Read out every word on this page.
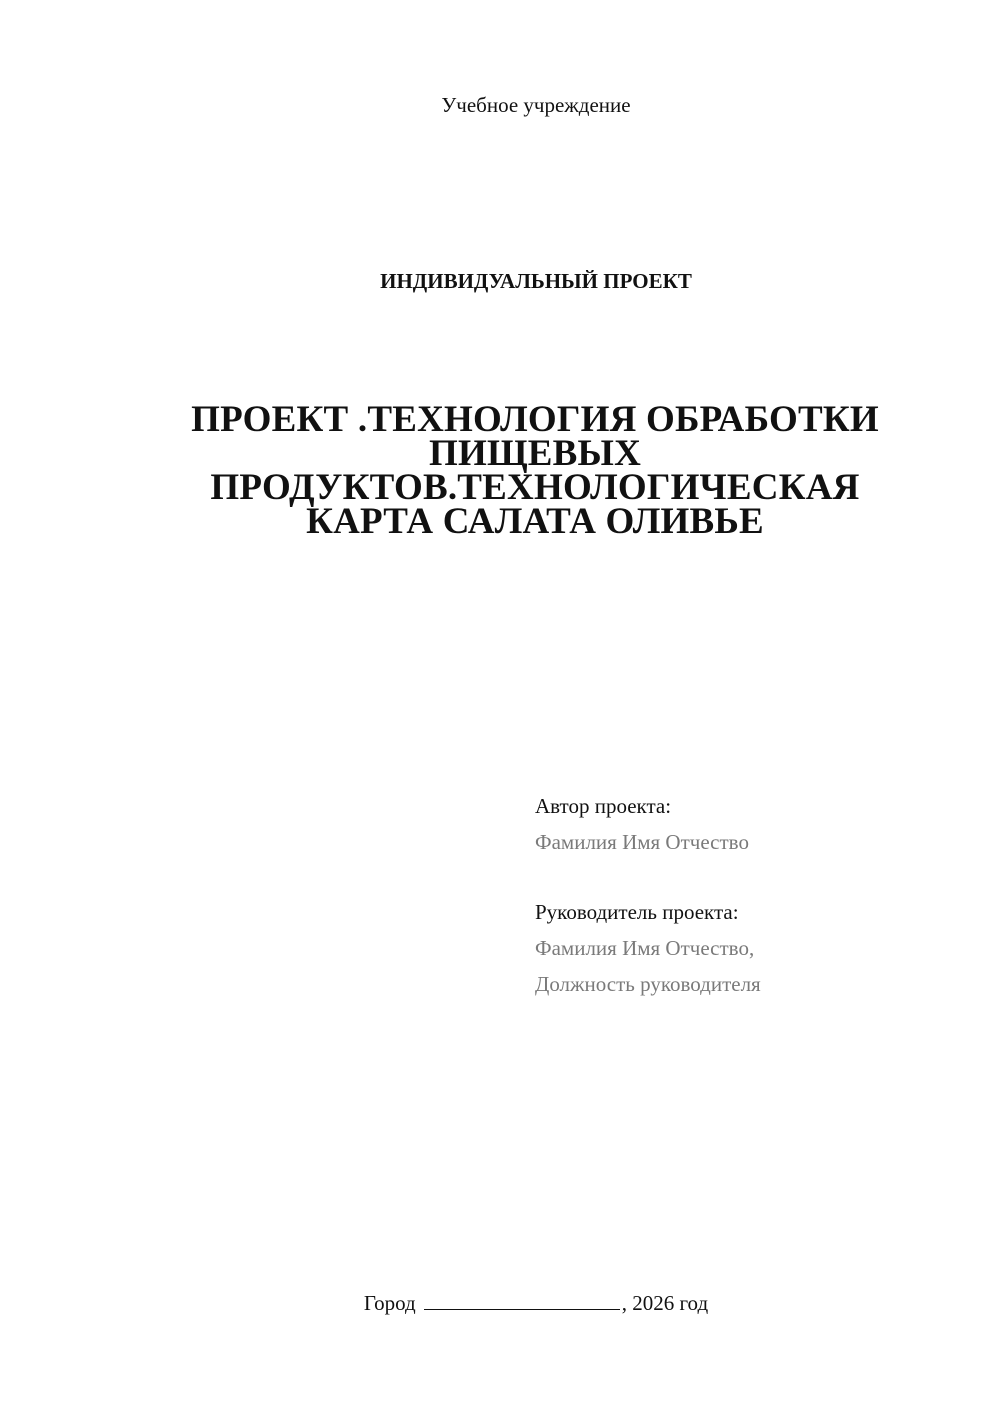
Учебное учреждение
ИНДИВИДУАЛЬНЫЙ ПРОЕКТ
ПРОЕКТ .ТЕХНОЛОГИЯ ОБРАБОТКИ
ПИЩЕВЫХ
ПРОДУКТОВ.ТЕХНОЛОГИЧЕСКАЯ
КАРТА САЛАТА ОЛИВЬЕ
Автор проекта:
Фамилия Имя Отчество
Руководитель проекта:
Фамилия Имя Отчество,
Должность руководителя
Город	, 2026 год
